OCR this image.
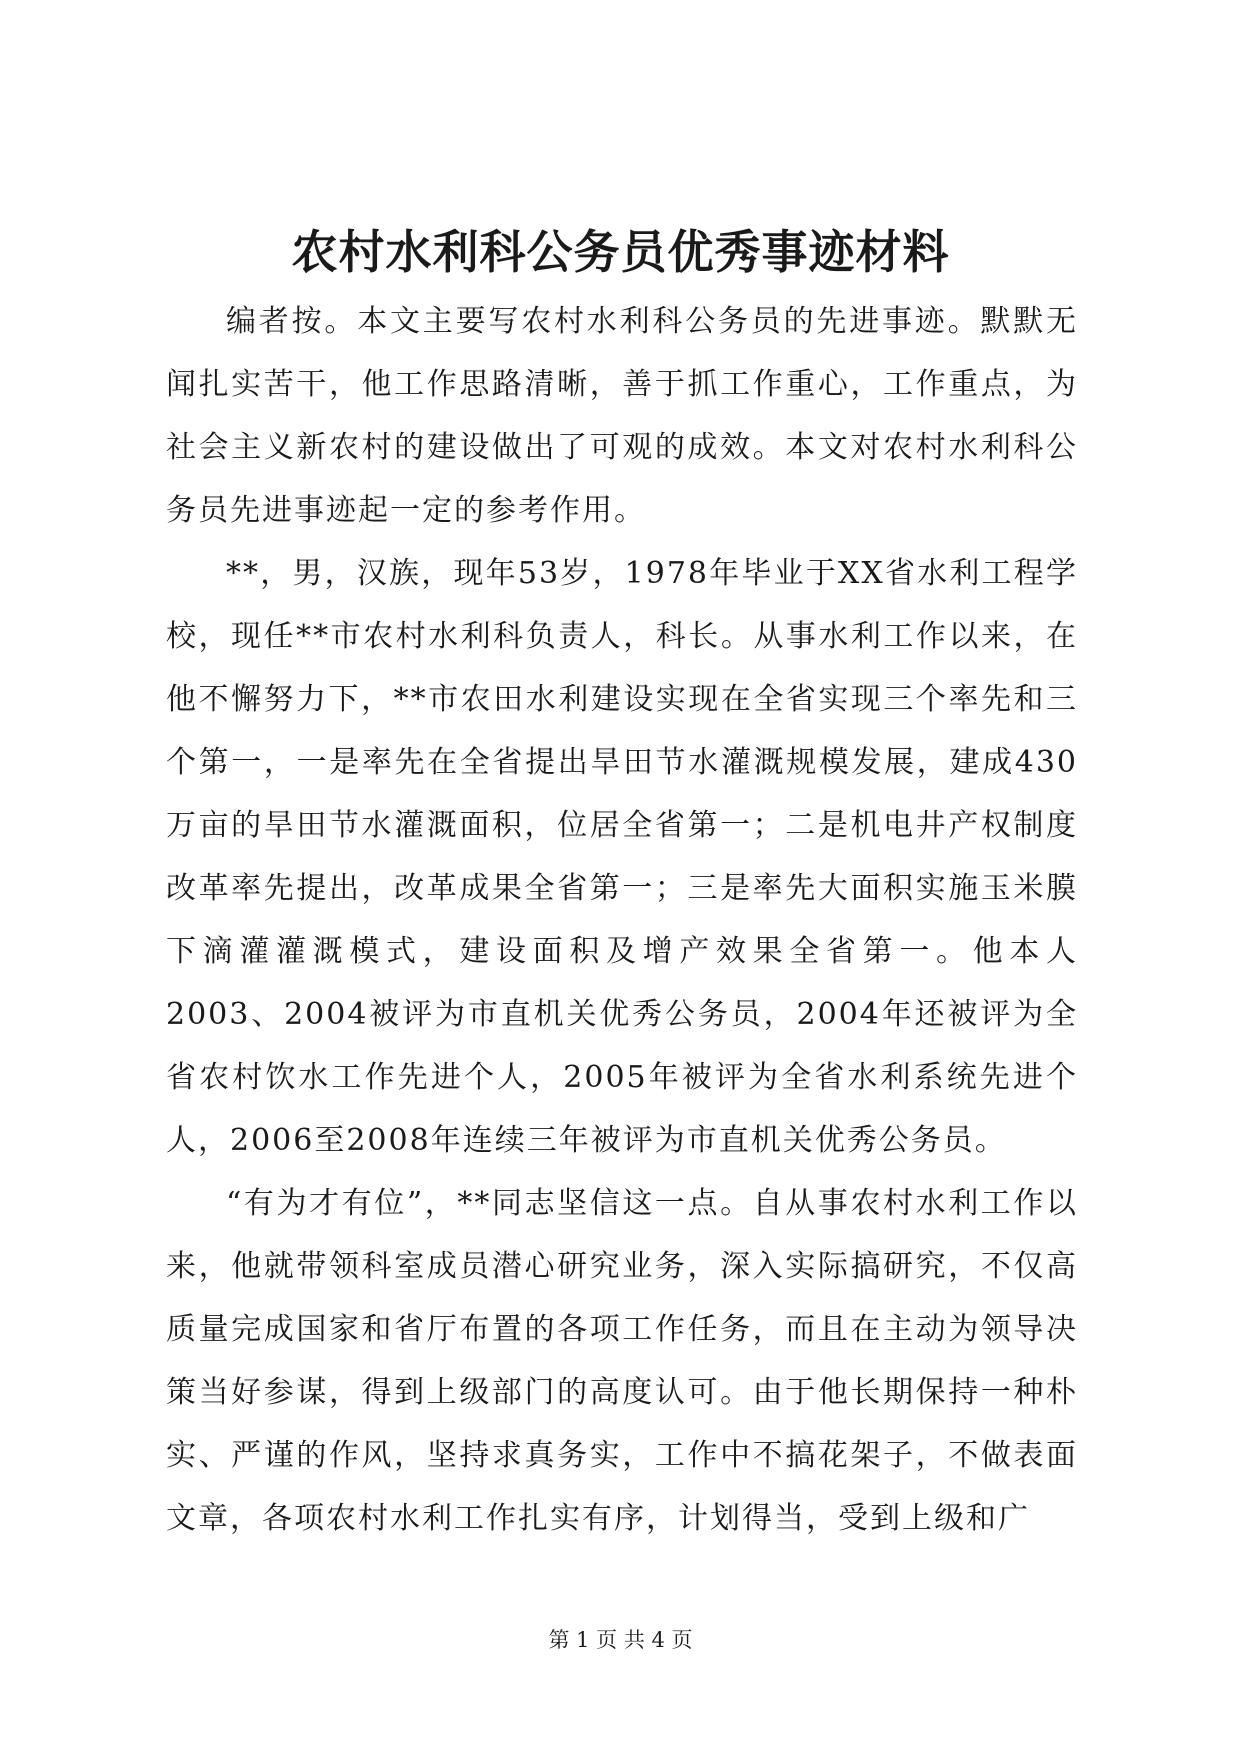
农村水利科公务员优秀事迹材料

编者按。本文主要写农村水利科公务员的先进事迹。默默无闻扎实苦干，他工作思路清晰，善于抓工作重心，工作重点，为社会主义新农村的建设做出了可观的成效。本文对农村水利科公务员先进事迹起一定的参考作用。

**，男，汉族，现年53岁，1978年毕业于XX省水利工程学校，现任**市农村水利科负责人，科长。从事水利工作以来，在他不懈努力下，**市农田水利建设实现在全省实现三个率先和三个第一，一是率先在全省提出旱田节水灌溉规模发展，建成430万亩的旱田节水灌溉面积，位居全省第一；二是机电井产权制度改革率先提出，改革成果全省第一；三是率先大面积实施玉米膜下滴灌灌溉模式，建设面积及增产效果全省第一。他本人2003、2004被评为市直机关优秀公务员，2004年还被评为全省农村饮水工作先进个人，2005年被评为全省水利系统先进个人，2006至2008年连续三年被评为市直机关优秀公务员。

“有为才有位”，**同志坚信这一点。自从事农村水利工作以来，他就带领科室成员潜心研究业务，深入实际搞研究，不仅高质量完成国家和省厅布置的各项工作任务，而且在主动为领导决策当好参谋，得到上级部门的高度认可。由于他长期保持一种朴实、严谨的作风，坚持求真务实，工作中不搞花架子，不做表面文章，各项农村水利工作扎实有序，计划得当，受到上级和广

第 1 页 共 4 页
